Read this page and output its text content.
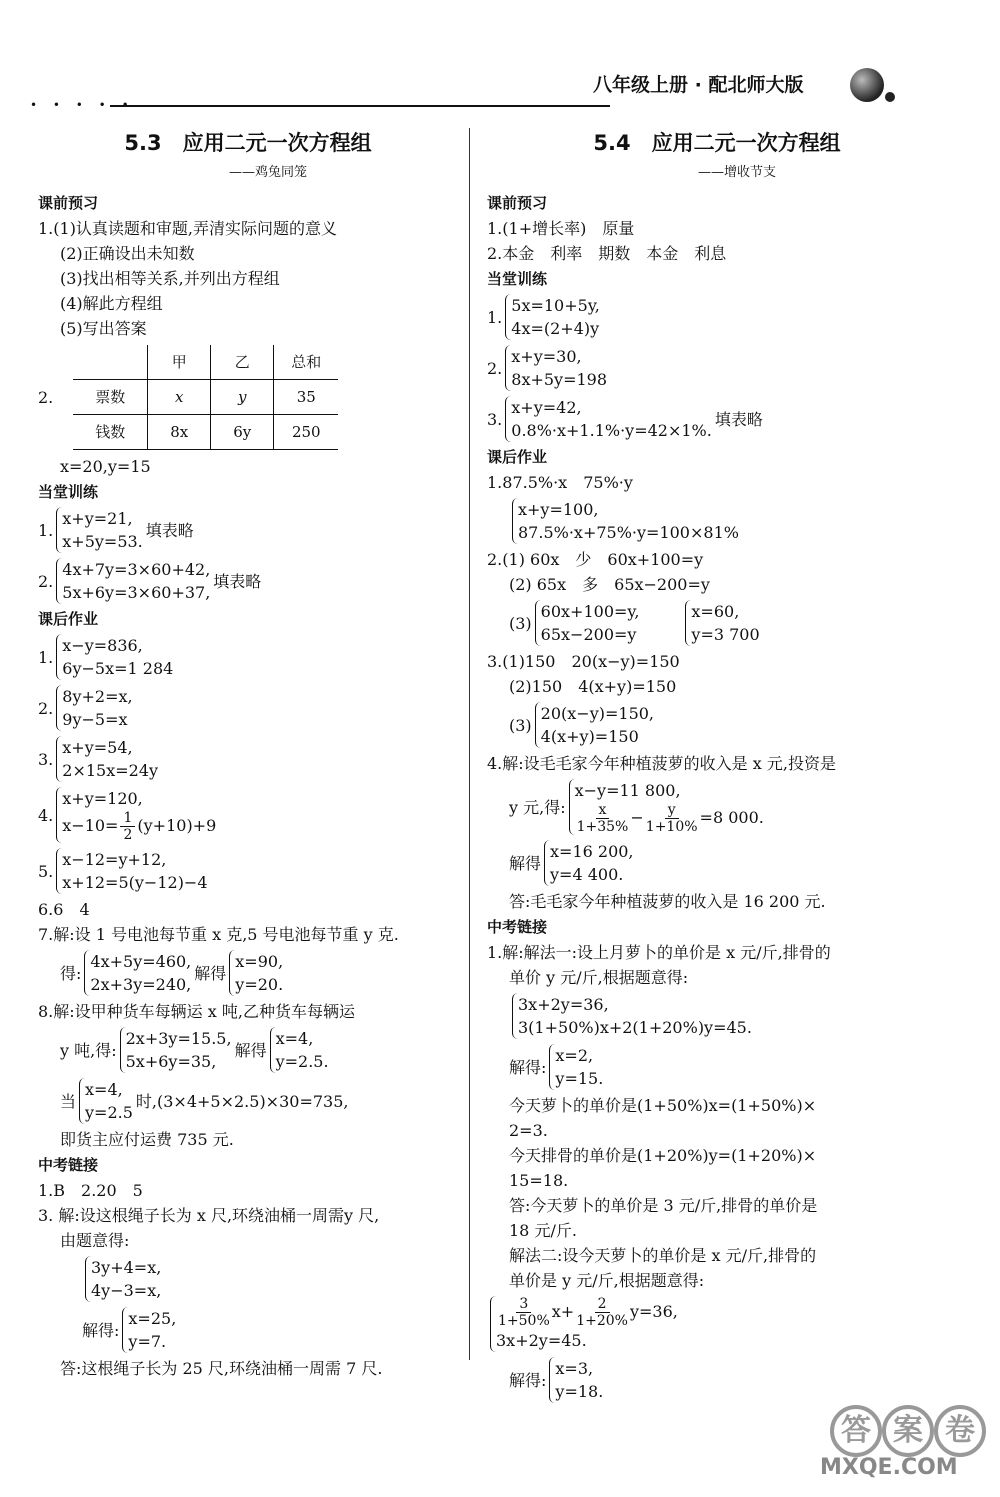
• • • • •
八年级上册 · 配北师大版
5.3　应用二元一次方程组
——鸡兔同笼
课前预习
1.(1)认真读题和审题,弄清实际问题的意义
(2)正确设出未知数
(3)找出相等关系,并列出方程组
(4)解此方程组
(5)写出答案
2.
	甲	乙	总和
票数	x	y	35
钱数	8x	6y	250
x=20,y=15
当堂训练
1.
x+y=21,
x+5y=53.
填表略
2.
4x+7y=3×60+42,
5x+6y=3×60+37,
填表略
课后作业
1.
x−y=836,
6y−5x=1 284
2.
8y+2=x,
9y−5=x
3.
x+y=54,
2×15x=24y
4.
x+y=120,
$x-10= \frac{1}{2} (y+10)+9$
5.
x−12=y+12,
x+12=5(y−12)−4
6.6　4
7.解:设 1 号电池每节重 x 克,5 号电池每节重 y 克.
得:
4x+5y=460,
2x+3y=240,
解得
x=90,
y=20.
8.解:设甲种货车每辆运 x 吨,乙种货车每辆运
y 吨,得:
2x+3y=15.5,
5x+6y=35,
解得
x=4,
y=2.5.
当
x=4,
y=2.5
时,(3×4+5×2.5)×30=735,
即货主应付运费 735 元.
中考链接
1.B　2.20　5
3. 解:设这根绳子长为 x 尺,环绕油桶一周需y 尺,
由题意得:
3y+4=x,
4y−3=x,
解得:
x=25,
y=7.
答:这根绳子长为 25 尺,环绕油桶一周需 7 尺.
5.4　应用二元一次方程组
——增收节支
课前预习
1.(1+增长率)　原量
2.本金　利率　期数　本金　利息
当堂训练
1.
5x=10+5y,
4x=(2+4)y
2.
x+y=30,
8x+5y=198
3.
x+y=42,
0.8%·x+1.1%·y=42×1%.
填表略
课后作业
1.87.5%·x　75%·y
x+y=100,
87.5%·x+75%·y=100×81%
2.(1) 60x　少　60x+100=y
(2) 65x　多　65x−200=y
(3)
60x+100=y,
65x−200=y
x=60,
y=3 700
3.(1)150　20(x−y)=150
(2)150　4(x+y)=150
(3)
20(x−y)=150,
4(x+y)=150
4.解:设毛毛家今年种植菠萝的收入是 x 元,投资是
y 元,得:
x−y=11 800,
$\frac{x}{1+35\%} - \frac{y}{1+10\%} =8$ 000.
解得
x=16 200,
y=4 400.
答:毛毛家今年种植菠萝的收入是 16 200 元.
中考链接
1.解:解法一:设上月萝卜的单价是 x 元/斤,排骨的
单价 y 元/斤,根据题意得:
3x+2y=36,
3(1+50%)x+2(1+20%)y=45.
解得:
x=2,
y=15.
今天萝卜的单价是(1+50%)x=(1+50%)×
2=3.
今天排骨的单价是(1+20%)y=(1+20%)×
15=18.
答:今天萝卜的单价是 3 元/斤,排骨的单价是
18 元/斤.
解法二:设今天萝卜的单价是 x 元/斤,排骨的
单价是 y 元/斤,根据题意得:
$\frac{3}{1+50\%} x+ \frac{2}{1+20\%} y=36$,
3x+2y=45.
解得:
x=3,
y=18.
答 案 卷
MXQE.COM
